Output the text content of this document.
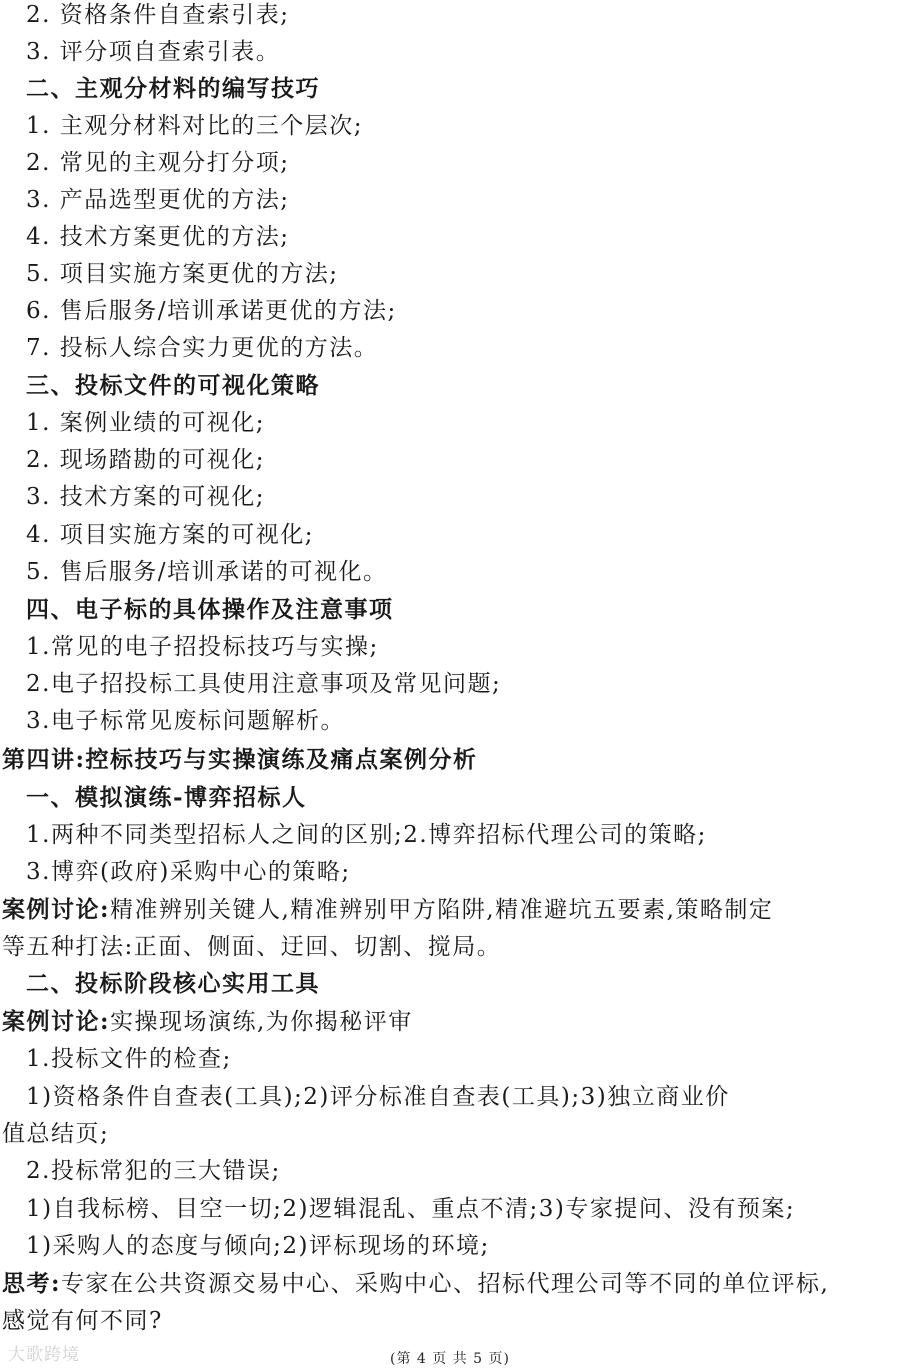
2. 资格条件自查索引表;
3. 评分项自查索引表。
二、主观分材料的编写技巧
1. 主观分材料对比的三个层次;
2. 常见的主观分打分项;
3. 产品选型更优的方法;
4. 技术方案更优的方法;
5. 项目实施方案更优的方法;
6. 售后服务/培训承诺更优的方法;
7. 投标人综合实力更优的方法。
三、投标文件的可视化策略
1. 案例业绩的可视化;
2. 现场踏勘的可视化;
3. 技术方案的可视化;
4. 项目实施方案的可视化;
5. 售后服务/培训承诺的可视化。
四、电子标的具体操作及注意事项
1.常见的电子招投标技巧与实操;
2.电子招投标工具使用注意事项及常见问题;
3.电子标常见废标问题解析。
第四讲:控标技巧与实操演练及痛点案例分析
一、模拟演练-博弈招标人
1.两种不同类型招标人之间的区别;2.博弈招标代理公司的策略;
3.博弈(政府)采购中心的策略;
案例讨论:精准辨别关键人,精准辨别甲方陷阱,精准避坑五要素,策略制定
等五种打法:正面、侧面、迂回、切割、搅局。
二、投标阶段核心实用工具
案例讨论:实操现场演练,为你揭秘评审
1.投标文件的检查;
1)资格条件自查表(工具);2)评分标准自查表(工具);3)独立商业价
值总结页;
2.投标常犯的三大错误;
1)自我标榜、目空一切;2)逻辑混乱、重点不清;3)专家提问、没有预案;
1)采购人的态度与倾向;2)评标现场的环境;
思考:专家在公共资源交易中心、采购中心、招标代理公司等不同的单位评标,
感觉有何不同?
大歌跨境	(第 4 页 共 5 页)
